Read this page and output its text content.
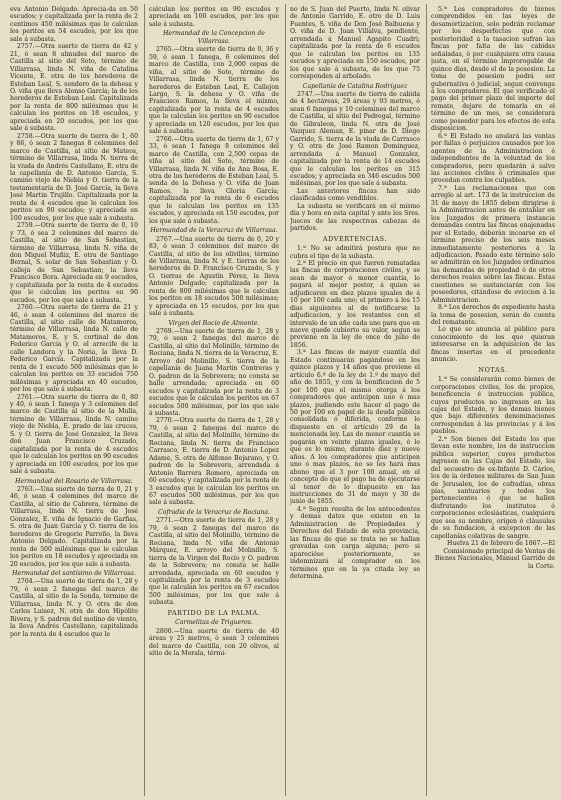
eva Antonio Delgado. Aprecia-da en 50 escudos; y capitalizada por la renta de 2 centimos 450 milésimas que le calculan los peritos en 54 escudos, por los que sale á subasta.

2757.—Otra suerte de tierra de 42 y 21, ó sean 8 almudes del marco de Castilla al sitio del Soto, término de Villarrasa, linda N. viña de Catalina Vicente, E. otra de los herederos de Esteban Leal, S. sendero de la dehesa y O. viña que lleva Alonso García; la de los herederos de Esteban Leal. Capitalizada por la renta de 800 milésimas que le calculan los peritos en 18 escudos, y apreciada en 20 escudos, por los que sale á subasta.

2758.—Otra suerte de tierra de 1, 60 y 86, ó sean 2 fanegas 8 celemines del marco de Castilla, al sitio de Mateos, término de Villarrasa, linda N. tierra de la viuda de Andrés Castellano, E. otra de la capellanía de D. Antonio García, S. camino viejo de Niebla y O. tierra de la testamentaría de D. José García, la lleva José Martin Trujillo. Capitalizada por la renta de 4 escudos que le calculan los peritos en 90 escudos; y apreciada en 100 escudos, por los que sale á subasta.

2759.—Otra suerte de tierra de 0, 10 y 73, ó sea 2 celemines del marco de Castilla, al sitio de San Sebastian, término de Villarrasa, linda N. viña de don Miguel Muñiz, E. otra de Santiago Bernal, S. solar de San Sebastian y O. calleja de San Sebastian; la lleva Francisco Bora. Apreciada en 9 escudos, y capitalizada por la renta de 4 escudos que le calculan los peritos en 90 escudos, por los que sale á subasta.

2760.—Otra suerte de tierra de 21 y 46, ó sean 4 celemines del marco de Castilla, al sitio calle de Matamoros, término de Villarrasa, linda N. calle de Matamoros, E. y S. cortinal de don Federico García y O. el arrecife de la calle Landora y la Noria, la lleva D. Federico García. Capitalizada por la renta de 1 escudo 500 milésimas que le calculan los peritos en 33 escudos 750 milésimas y apreciada en 40 escudos, por los que sale á subasta.

2761.—Otra suerte de tierra de 0, 80 y 40, ó sean 1 fanega y 3 celemines del marco de Castilla al sitio de la Mulla, término de Villarrasa, linda N. camino viejo de Niebla, E. prado de las cruces, S. y O. tierra de José Gonzalez, la lleva don Juan Francisco Cruzado, capitalizada por la renta de 4 escudos que le calculan los peritos en 90 escudos y apreciada en 100 escudos, por los que sale á subasta.

Hermandad del Rosario de Villarrasa.

2763.—Una suerte de tierra de 0, 21 y 46, ó sean 4 celemines del marco de Castilla, al sitio de Cabrera, término de Villarrasa, linda N. tierra de José Gonzalez, E. viña de Ignacio de Garfias, S. otra de Juan García y O. tierra de los herederos de Gregorio Parreño, la lleva Antonio Delgado. Capitalizada por la renta de 500 milésimas que le calculan los peritos en 18 escudos y apreciada en 20 escudos, por los que sale á subasta.

Hermandad del santísimo de Villarrasa.

2764.—Una suerte de tierra de 1, 28 y 79, ó sean 2 fanegas del marco de Castilla, al sitio de la Sonda, término de Villarrasa, linda N. y O. otra de don Carlos Luisez, N. otra de don Hipólito Rivera, y S. padron del molino de viento, la lleva Andrés Castellano, capitalizada por la renta de 4 escudos que le

calculan los peritos en 90 escudos y apreciada en 100 escudos, por los que sale á subasta.

Hermandad de la Concepcion de Villarrasa.

2765.—Otra suerte de tierra de 0, 36 y 59, ó sean 1 fanega, 6 celemines del marco de Castilla, con 2,000 cepas de viña, al sitio de Soto, término de Villarrasa, linda N. tierra de los herederos de Esteban Leal, E. Callejon Largo, S. la dehesa y O. viña de Francisco Ramos, la lleva el mismo, capitalizada por la renta de 4 escudos que le calculan los peritos en 90 escudos y apreciada en 120 escudos, por los que sale á subasta.

2766.—Otra suerte de tierra de 1, 67 y 33, ó sean 1 fanega 8 celemines del marco de Castilla, con 2,500 cepas de viña al sitio del Soto, término de Villarrasa, linda N. viña de Ana Bosa, E. otra de los herederos de Esteban Leal, S. senda de la Dehesa y O. viña de Juan Ramos, la lleva Gloria García; capitalizada por la renta de 6 escudos que le calculan los peritos en 135 escudos, y apreciada en 150 escudos, por los que sale á subasta.

Hermandad de la Veracruz de Villarrasa.

2767.—Una suerte de tierra de 0, 20 y 83, ó sean 3 celemines del marco de Castilla, al sitio de los olivillos, término de Villarrasa, linda N. y E. tierras de los herederos de D. Francisco Cruzado, S. y O. tierras de Agustín Pérez, la lleva Antonio Delgado; capitalizada por la renta de 800 milésimas que le calculan los peritos en 18 escudos 500 milésimas; y apreciada en 15 escudos, por los que sale á subasta.

Virgen del Rocío de Almonte.

2769.—Una suerte de tierra de 1, 28 y 79, ó sean 2 fanegas del marco de Castilla, al sitio del Molinillo, término de Rociana, linda N. tierra de la Veracruz, E. Arroyo del Molinillo, S. tierra de la capellanía de Juana Martin Contreras y O. padron de la Sobrevera; no consta se halle arrendada; apreciada en 60 escudos y capitalizada por la renta de 3 escudos que le calculan los peritos en 67 escudos 500 milésimas, por los que sale á subasta.

2770.—Otra suerte de tierra de 1, 28 y 79, ó sean 2 fanegas del marco de Castilla, al sitio del Molinillo, término de Rociana, linda N. tierra de Francisco Carrasco, E. tierra de D. Antonio Lopez Adame, S. otra de Alfonso Bejarano, y O. padron de la Sobrevera, arrendada á Antonio Barrera Romero, apreciada en 60 escudos; y capitalizada por la renta de 3 escudos que le calculan los peritos en 67 escudos 500 milésimas, por los que sale á subasta.

Cofradía de la Veracruz de Rociana.

2771.—Otra suerte de tierra de 1, 28 y 79, ó sean 2 fanegas del marco de Castilla, al sitio del Molinillo, término de Rociana, linda N. viña de Antonio Márquez, E. arroyo del Molinillo, S. tierra de la Virgen del Rocío y O. padron de la Sobrevera; no consta se halle arrendada, apreciada en 60 escudos y capitalizada por la renta de 3 escudos que le calculan los peritos en 67 escudos 500 milésimas, por los que sale á subasta.

PARTIDO DE LA PALMA.

Carmelitas de Trigueros.

2800.—Una suerte de tierra de 40 áreas y 25 metros, ó sean 3 celemines del marco de Castilla, con 20 olivos, al sitio de la Morala, térmi-

no de S. Juan del Puerto, linda N. olivar de Antonio Garrido, E. otro de D. Luis Fuentes, S. viña de Don José Balbuena y O. viña de D. Juan Villalva, pendiente, arrendada á Manuel Agapito Cuadri; capitalizada por la renta de 6 escudos que le calculan los peritos en 135 escudos y apreciada en 150 escudos, por los que sale á subasta, de los que 75 corresponden al arbolado.

Capellanía de Catalina Rodríguez

2747.—Una suerte de tierra de cabida de 4 hectáreas, 29 áreas y 93 metros, ó sean 6 fanegas y 10 celemines del marco de Castilla, al sitio del Pedregal, término de Gibraleon, linda N. otra de José Vazquez Aleman, E. pinar de D. Diego Garrido, S. tierra de la viuda de Carrasco y O. otra de José Ramon Dominguez, arrendada á Manuel Gonzalez, capitalizada por la renta de 14 escudos que le calculan los peritos en 315 escudos; y apreciada en 346 escudos 500 milésimas, por los que sale á subasta.

Las anteriores fincas han sido clasificadas como vendibles.

La subasta se verificará en el mismo dia y hora en esta capital y ante los Sres. Jueces de las respectivas cabezas de partidos.

ADVERTENCIAS.

1.ª No se admitirá postura que no cubra el tipo de la subasta.

2.ª El precio en que fueren rematadas las fincas de corporaciones civiles, y se sean de mayor ó menor cuantía, lo pagará el mejor postor, á quien se adjudicaren en diez plazos iguales de á 10 por 100 cada uno; el primero á los 15 dias siguientes al de notificarse la adjudicacion, y los restantes con el intervalo de un año cada uno para que en nueve quede cubierto su valor, segun se previene en la ley de once de julio de 1856.

3.ª Las fincas de mayor cuantía del Estado continuarán pagándose en los quince plazos y 14 años que previene el artículo 6.º de la ley de 1.º de mayo del año de 1855, y con la bonificacion de 5 por 100 que el mismo otorga á los compradores que anticipen uno ó mas plazos, pudiendo este hacer el pago de 50 por 100 en papel de la deuda pública consolidada ó diferida, conforme lo dispuesto en el artículo 29 de la mencionada ley. Las de menor cuantía se pagarán en veinte plazos iguales, ó lo que es lo mismo, durante diez y nueve años. A los compradores que anticipen uno ó mas plazos, no se les hará mas abono que el 3 por 100 anual, en el concepto de que el pago ha de ejecutarse al tenor de lo dispuesto en las instrucciones de 31 de mayo y 30 de junio de 1855.

4.ª Segun resulta de los antecedentes y demas datos que existen en la Administracion de Propiedades y Derechos del Estado de esta provincia, las fincas de que se trata no se hallan gravadas con carga alguna; pero si aparecióse posteriormente, se indemnizará al comprador en los términos que en la ya citada ley se determina.

5.ª Los compradores de bienes comprendidos en las leyes de desamortizacion, solo podrán reclamar por los desperfectos que con posterioridad á la tasacion sufran las fincas por falta de las cabidas señaladas, ó por cualquiera otra causa justa, en el término improrogable de quince dias, desde el de la posesion. La toma de posesion podrá ser gubernativa ó judicial, segun convenga á los compradores. El que verificado el pago del primer plazo del importe del remate, dejare de tomarla en el término de un mes, se considerará como poseedor para los efectos de esta disposicion.

6.ª El Estado no anulará las ventas por fallas ó perjuicios causados por los agentes de la Administracion é independientes de la voluntad de los compradores, pero quedarán á salvo las acciones civiles ó criminales que procedan contra los culpables.

7.ª Las reclamaciones que con arreglo al art. 173 de la instruccion de 31 de mayo de 1855 deben dirigirse á la Administracion antes de entablar en los Juzgados de primera instancia demandas contra las fincas enajenadas por el Estado, deberán incoarse en el término preciso de los seis meses inmediatamente posteriores á la adjudicacion. Pasado este término solo se admitirán en los Juzgados ordinarios las demandas de propiedad ó de otros derechos reales sobre las fincas. Estas cuestiones se sustanciarán con los poseedores, citándose de eviccion á la Administracion.

8.ª Los derechos de expediente hasta la toma de posesion, serán de cuenta del rematante.

Lo que se anuncia al público para conocimiento de los que quieran interesarse en la adquisicion de las fincas insertas en el precedente anuncio.

NOTAS.

1.ª Se considerarán como bienes de corporaciones civiles, los de propios, beneficencia é instruccion pública, cuyos productos no ingresen en las cajas del Estado, y los demas bienes que bajo diferentes denominaciones correspondan á las provincias y á los pueblos.

2.ª Son bienes del Estado los que llevan este nombre, los de instruccion pública superior, cuyos productos ingresen en las Cajas del Estado, los del secuestro de ex-Infante D. Cárlos, los de la órdenes militares de San Juan de Jerusalen, los de cofradías, obras pías, santuarios y todos los pertenecientes ó que se hallen disfrutando los institutos ó corporaciones eclesiásticas, cualquiera que sea su nombre, origen ó cláusulas de su fundacion, á excepcion de las capellanías colativas de sangre.

Huelva 21 de febrero de 1867.—El Comisionado principal de Ventas de Bienes Nacionales, Manuel Garrido de la Corte.
